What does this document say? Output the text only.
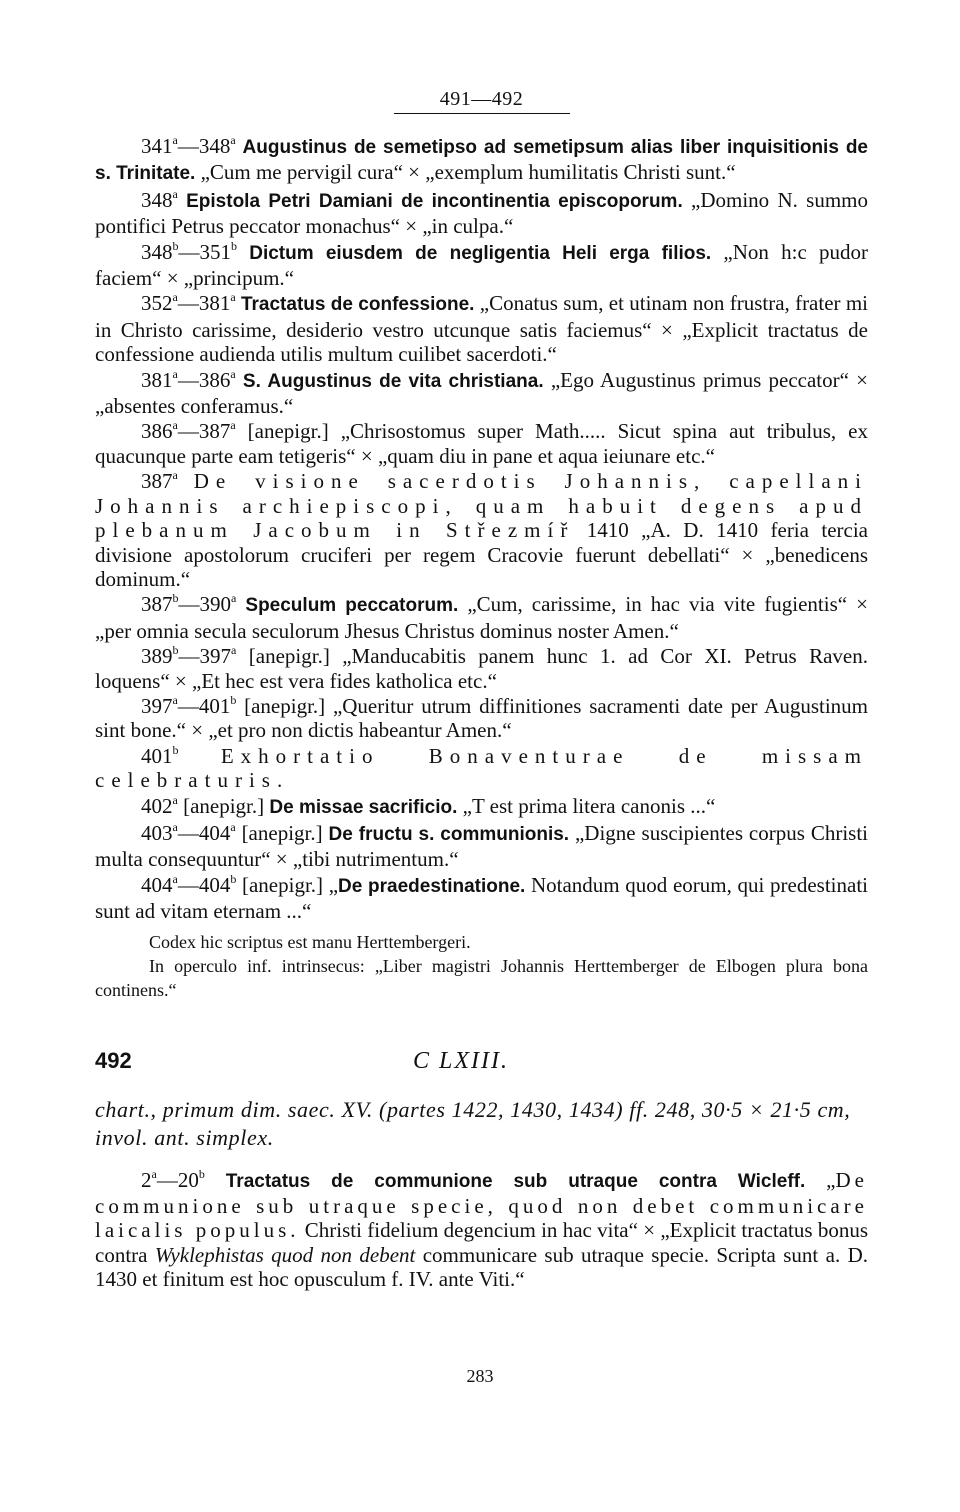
491—492
341$^a$—348$^a$ Augustinus de semetipso ad semetipsum alias liber inquisitionis de s. Trinitate. „Cum me pervigil cura“ × „exemplum humilitatis Christi sunt.“
348$^a$ Epistola Petri Damiani de incontinentia episcoporum. „Domino N. summo pontifici Petrus peccator monachus“ × „in culpa.“
348$^b$—351$^b$ Dictum eiusdem de negligentia Heli erga filios. „Non h:c pudor faciem“ × „principum.“
352$^a$—381$^a$ Tractatus de confessione. „Conatus sum, et utinam non frustra, frater mi in Christo carissime, desiderio vestro utcunque satis faciemus“ × „Explicit tractatus de confessione audienda utilis multum cuilibet sacerdoti.“
381$^a$—386$^a$ S. Augustinus de vita christiana. „Ego Augustinus primus peccator“ × „absentes conferamus.“
386$^a$—387$^a$ [anepigr.] „Chrisostomus super Math..... Sicut spina aut tribulus, ex quacunque parte eam tetigeris“ × „quam diu in pane et aqua ieiunare etc.“
387$^a$ De visione sacerdotis Johannis, capellani Johannis archiepiscopi, quam habuit degens apud plebanum Jacobum in Střezmíř 1410 „A. D. 1410 feria tercia divisione apostolorum cruciferi per regem Cracovie fuerunt debellati“ × „benedicens dominum.“
387$^b$—390$^a$ Speculum peccatorum. „Cum, carissime, in hac via vite fugientis“ × „per omnia secula seculorum Jhesus Christus dominus noster Amen.“
389$^b$—397$^a$ [anepigr.] „Manducabitis panem hunc 1. ad Cor XI. Petrus Raven. loquens“ × „Et hec est vera fides katholica etc.“
397$^a$—401$^b$ [anepigr.] „Queritur utrum diffinitiones sacramenti date per Augustinum sint bone.“ × „et pro non dictis habeantur Amen.“
401$^b$ Exhortatio Bonaventurae de missam celebraturis.
402$^a$ [anepigr.] De missae sacrificio. „T est prima litera canonis ...“
403$^a$—404$^a$ [anepigr.] De fructu s. communionis. „Digne suscipientes corpus Christi multa consequuntur“ × „tibi nutrimentum.“
404$^a$—404$^b$ [anepigr.] „De praedestinatione. Notandum quod eorum, qui predestinati sunt ad vitam eternam ...“
Codex hic scriptus est manu Herttembergeri.
In operculo inf. intrinsecus: „Liber magistri Johannis Herttemberger de Elbogen plura bona continens.“
492	C LXIII.
chart., primum dim. saec. XV. (partes 1422, 1430, 1434) ff. 248, 30·5 × 21·5 cm, invol. ant. simplex.
2$^a$—20$^b$ Tractatus de communione sub utraque contra Wicleff. „De communione sub utraque specie, quod non debet communicare laicalis populus. Christi fidelium degencium in hac vita“ × „Explicit tractatus bonus contra Wyklephistas quod non debent communicare sub utraque specie. Scripta sunt a. D. 1430 et finitum est hoc opusculum f. IV. ante Viti.“
283
